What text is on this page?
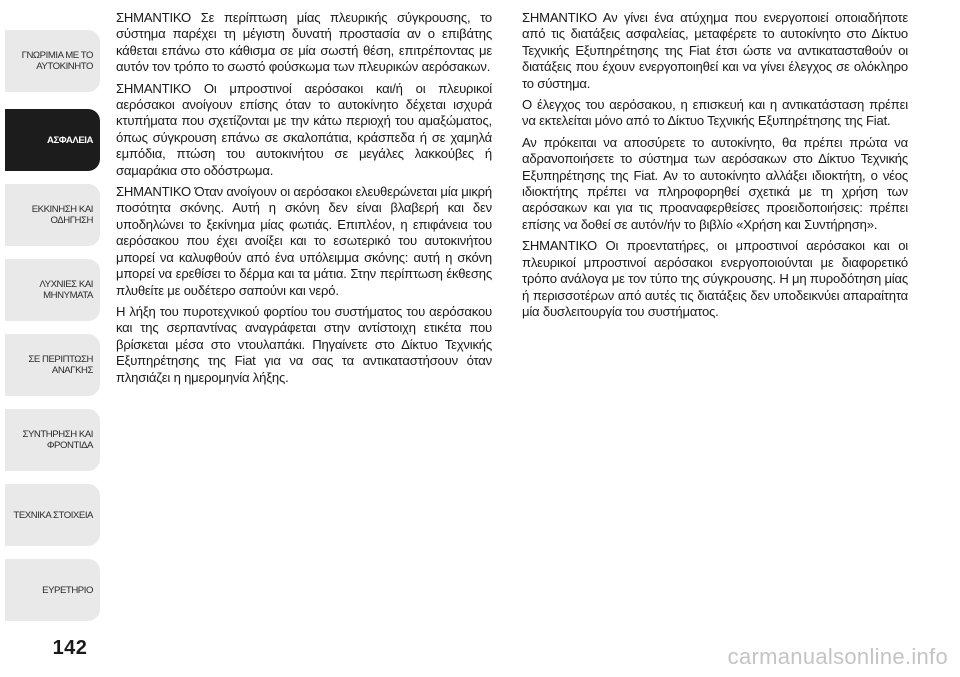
ΓΝΩΡΙΜΙΑ ΜΕ ΤΟ
ΑΥΤΟΚΙΝΗΤΟ
ΑΣΦΑΛΕΙΑ
ΕΚΚΙΝΗΣΗ ΚΑΙ
ΟΔΗΓΗΣΗ
ΛΥΧΝΙΕΣ ΚΑΙ
ΜΗΝΥΜΑΤΑ
ΣΕ ΠΕΡΙΠΤΩΣΗ
ΑΝΑΓΚΗΣ
ΣΥΝΤΗΡΗΣΗ ΚΑΙ
ΦΡΟΝΤΙΔΑ
ΤΕΧΝΙΚΑ ΣΤΟΙΧΕΙΑ
ΕΥΡΕΤΗΡΙΟ
142

ΣΗΜΑΝΤΙΚΟ Σε περίπτωση μίας πλευρικής σύγκρουσης, το σύστημα παρέχει τη μέγιστη δυνατή προστασία αν ο επιβάτης κάθεται επάνω στο κάθισμα σε μία σωστή θέση, επιτρέποντας με αυτόν τον τρόπο το σωστό φούσκωμα των πλευρικών αερόσακων.

ΣΗΜΑΝΤΙΚΟ Οι μπροστινοί αερόσακοι και/ή οι πλευρικοί αερόσακοι ανοίγουν επίσης όταν το αυτοκίνητο δέχεται ισχυρά κτυπήματα που σχετίζονται με την κάτω περιοχή του αμαξώματος, όπως σύγκρουση επάνω σε σκαλοπάτια, κράσπεδα ή σε χαμηλά εμπόδια, πτώση του αυτοκινήτου σε μεγάλες λακκούβες ή σαμαράκια στο οδόστρωμα.

ΣΗΜΑΝΤΙΚΟ Όταν ανοίγουν οι αερόσακοι ελευθερώνεται μία μικρή ποσότητα σκόνης. Αυτή η σκόνη δεν είναι βλαβερή και δεν υποδηλώνει το ξεκίνημα μίας φωτιάς. Επιπλέον, η επιφάνεια του αερόσακου που έχει ανοίξει και το εσωτερικό του αυτοκινήτου μπορεί να καλυφθούν από ένα υπόλειμμα σκόνης: αυτή η σκόνη μπορεί να ερεθίσει το δέρμα και τα μάτια. Στην περίπτωση έκθεσης πλυθείτε με ουδέτερο σαπούνι και νερό.

Η λήξη του πυροτεχνικού φορτίου του συστήματος του αερόσακου και της σερπαντίνας αναγράφεται στην αντίστοιχη ετικέτα που βρίσκεται μέσα στο ντουλαπάκι. Πηγαίνετε στο Δίκτυο Τεχνικής Εξυπηρέτησης της Fiat για να σας τα αντικαταστήσουν όταν πλησιάζει η ημερομηνία λήξης.

ΣΗΜΑΝΤΙΚΟ Αν γίνει ένα ατύχημα που ενεργοποιεί οποιαδήποτε από τις διατάξεις ασφαλείας, μεταφέρετε το αυτοκίνητο στο Δίκτυο Τεχνικής Εξυπηρέτησης της Fiat έτσι ώστε να αντικατασταθούν οι διατάξεις που έχουν ενεργοποιηθεί και να γίνει έλεγχος σε ολόκληρο το σύστημα.

Ο έλεγχος του αερόσακου, η επισκευή και η αντικατάσταση πρέπει να εκτελείται μόνο από το Δίκτυο Τεχνικής Εξυπηρέτησης της Fiat.

Αν πρόκειται να αποσύρετε το αυτοκίνητο, θα πρέπει πρώτα να αδρανοποιήσετε το σύστημα των αερόσακων στο Δίκτυο Τεχνικής Εξυπηρέτησης της Fiat. Αν το αυτοκίνητο αλλάξει ιδιοκτήτη, ο νέος ιδιοκτήτης πρέπει να πληροφορηθεί σχετικά με τη χρήση των αερόσακων και για τις προαναφερθείσες προειδοποιήσεις: πρέπει επίσης να δοθεί σε αυτόν/ήν το βιβλίο «Χρήση και Συντήρηση».

ΣΗΜΑΝΤΙΚΟ Οι προεντατήρες, οι μπροστινοί αερόσακοι και οι πλευρικοί μπροστινοί αερόσακοι ενεργοποιούνται με διαφορετικό τρόπο ανάλογα με τον τύπο της σύγκρουσης. Η μη πυροδότηση μίας ή περισσοτέρων από αυτές τις διατάξεις δεν υποδεικνύει απαραίτητα μία δυσλειτουργία του συστήματος.

carmanualsonline.info
